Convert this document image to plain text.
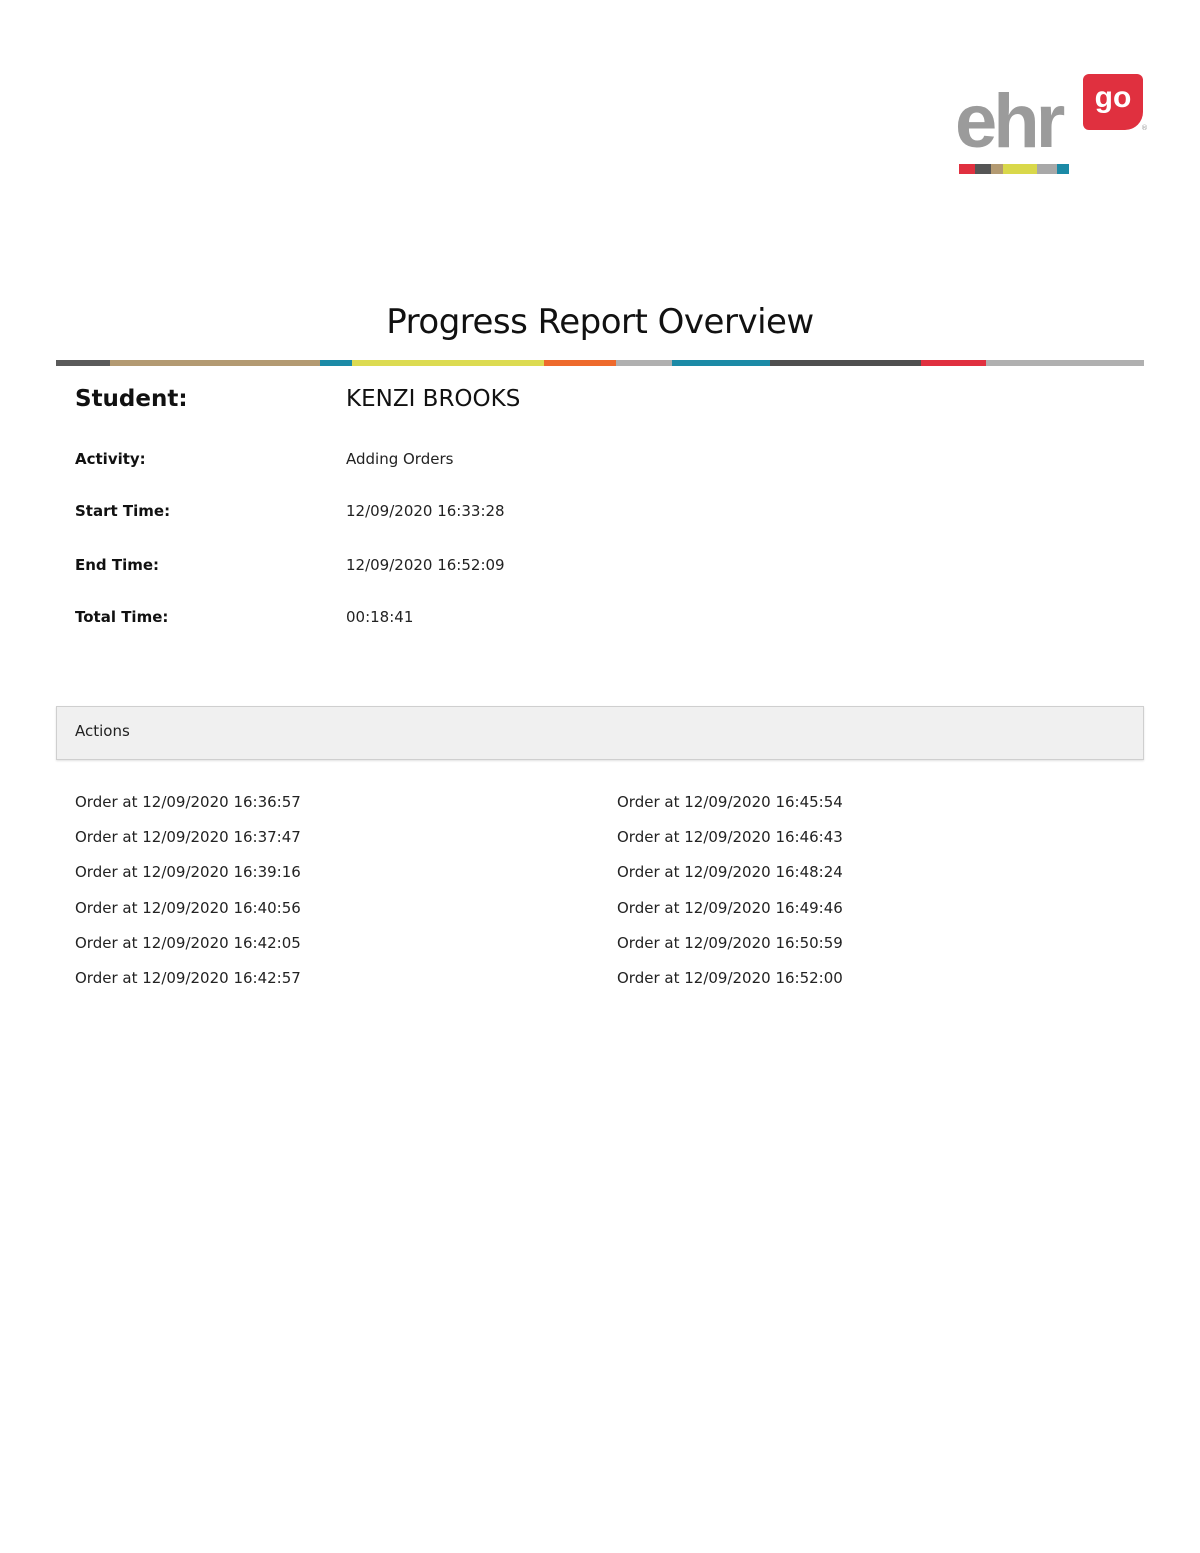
ehr	go
®
Progress Report Overview
Student:	KENZI BROOKS
Activity:	Adding Orders
Start Time:	12/09/2020 16:33:28
End Time:	12/09/2020 16:52:09
Total Time:	00:18:41
Actions
Order at 12/09/2020 16:36:57
Order at 12/09/2020 16:37:47
Order at 12/09/2020 16:39:16
Order at 12/09/2020 16:40:56
Order at 12/09/2020 16:42:05
Order at 12/09/2020 16:42:57
Order at 12/09/2020 16:45:54
Order at 12/09/2020 16:46:43
Order at 12/09/2020 16:48:24
Order at 12/09/2020 16:49:46
Order at 12/09/2020 16:50:59
Order at 12/09/2020 16:52:00
